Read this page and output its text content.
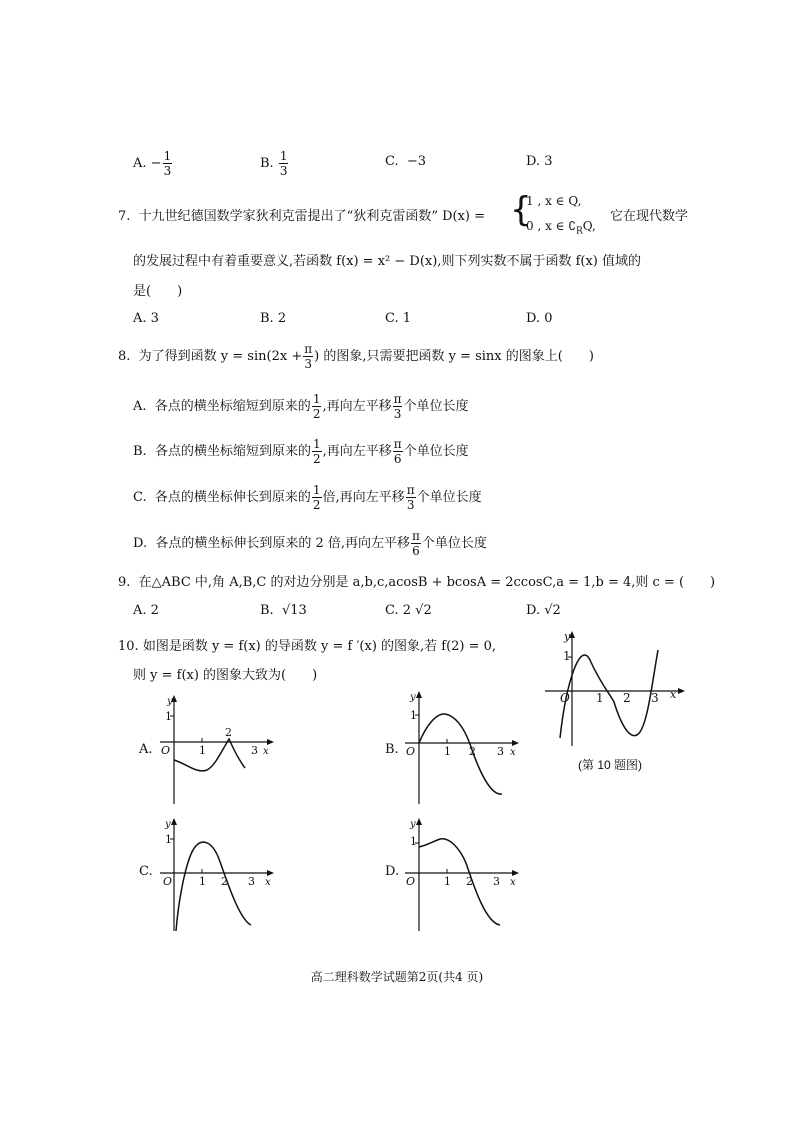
A. − $\frac{1}{3}$	B. $\frac{1}{3}$	C. −3	D. 3
7. 十九世纪德国数学家狄利克雷提出了“狄利克雷函数” D(x) = {
1 , x ∈ Q,
0 , x ∈ $∁_RQ$,
它在现代数学
的发展过程中有着重要意义,若函数 f(x) = x² − D(x),则下列实数不属于函数 f(x) 值域的
是(　　)
A. 3	B. 2	C. 1	D. 0
8. 为了得到函数 $y = \sin(2x + \frac{\pi}{3}$ ) 的图象,只需要把函数 y = sinx 的图象上(　　)
A. 各点的横坐标缩短到原来的 $\frac{1}{2}$ ,再向左平移 $\frac{\pi}{3}$ 个单位长度
B. 各点的横坐标缩短到原来的 $\frac{1}{2}$ ,再向左平移 $\frac{\pi}{6}$ 个单位长度
C. 各点的横坐标伸长到原来的 $\frac{1}{2}$ 倍,再向左平移 $\frac{\pi}{3}$ 个单位长度
D. 各点的横坐标伸长到原来的 2 倍,再向左平移 $\frac{\pi}{6}$ 个单位长度
9. 在△ABC 中,角 A,B,C 的对边分别是 a,b,c,acosB + bcosA = 2ccosC,a = 1,b = 4,则 c = (　　)
A. 2	B. √13	C. 2 √2	D. √2
10. 如图是函数 y = f(x) 的导函数 y = f ′(x) 的图象,若 f(2) = 0,
则 y = f(x) 的图象大致为(　　)
y
1
O 1 2 3 x
(第 10 题图)
A.
y
1
O	1
2
3 x	B.
y
1
O	1 2 3 x
C.
y
1
O 1 2 3 x
D.
y
1
O	1 2 3 x
高二理科数学试题第2页(共4 页)
